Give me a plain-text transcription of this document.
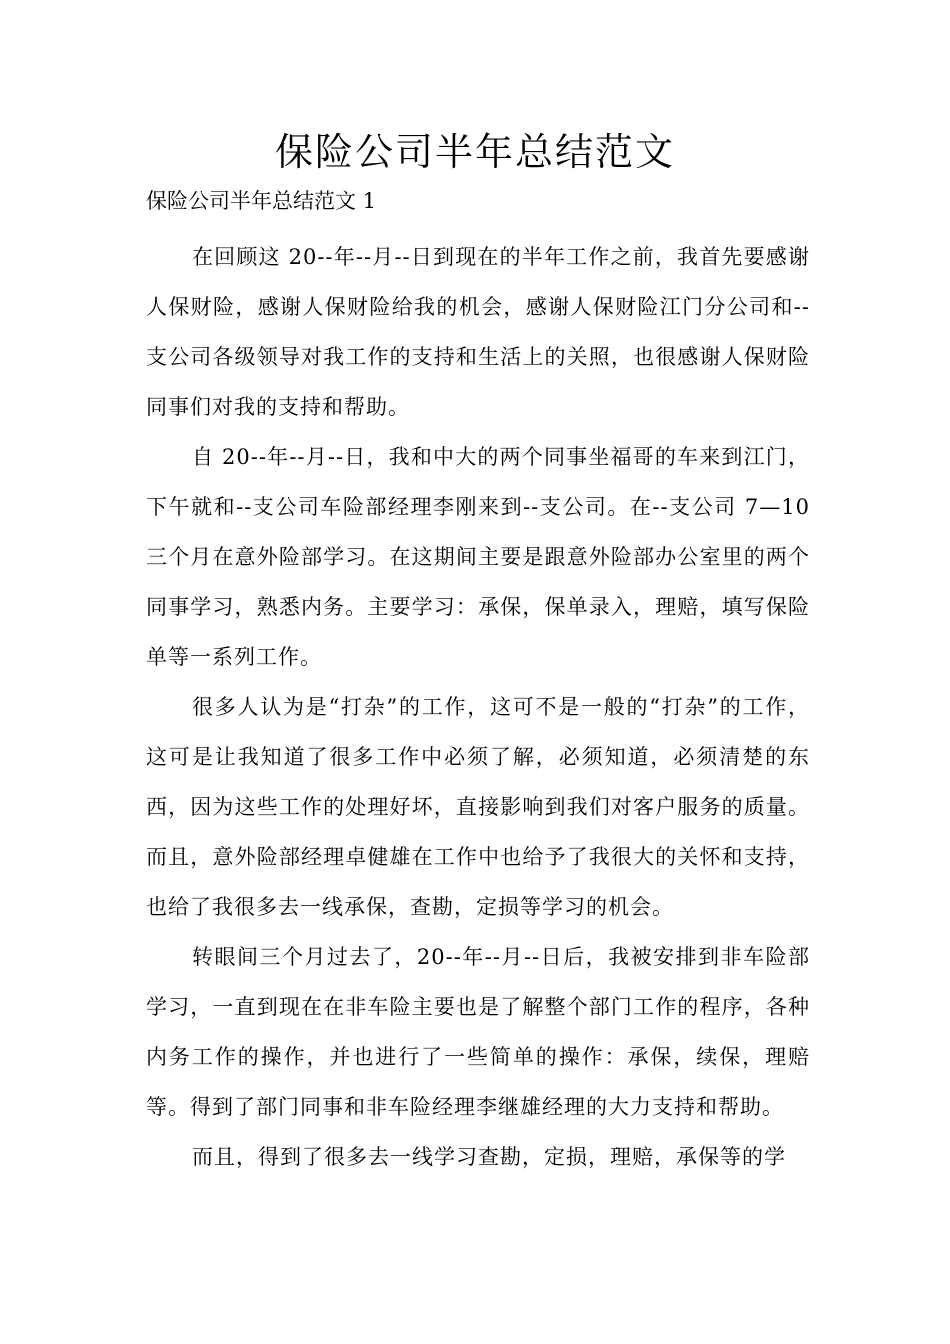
保险公司半年总结范文
保险公司半年总结范文 1

在回顾这 20--年--月--日到现在的半年工作之前，我首先要感谢人保财险，感谢人保财险给我的机会，感谢人保财险江门分公司和--支公司各级领导对我工作的支持和生活上的关照，也很感谢人保财险同事们对我的支持和帮助。

自 20--年--月--日，我和中大的两个同事坐福哥的车来到江门，下午就和--支公司车险部经理李刚来到--支公司。在--支公司 7—10 三个月在意外险部学习。在这期间主要是跟意外险部办公室里的两个同事学习，熟悉内务。主要学习：承保，保单录入，理赔，填写保险单等一系列工作。

很多人认为是“打杂”的工作，这可不是一般的“打杂”的工作，这可是让我知道了很多工作中必须了解，必须知道，必须清楚的东西，因为这些工作的处理好坏，直接影响到我们对客户服务的质量。而且，意外险部经理卓健雄在工作中也给予了我很大的关怀和支持，也给了我很多去一线承保，查勘，定损等学习的机会。

转眼间三个月过去了，20--年--月--日后，我被安排到非车险部学习，一直到现在在非车险主要也是了解整个部门工作的程序，各种内务工作的操作，并也进行了一些简单的操作：承保，续保，理赔等。得到了部门同事和非车险经理李继雄经理的大力支持和帮助。

而且，得到了很多去一线学习查勘，定损，理赔，承保等的学
